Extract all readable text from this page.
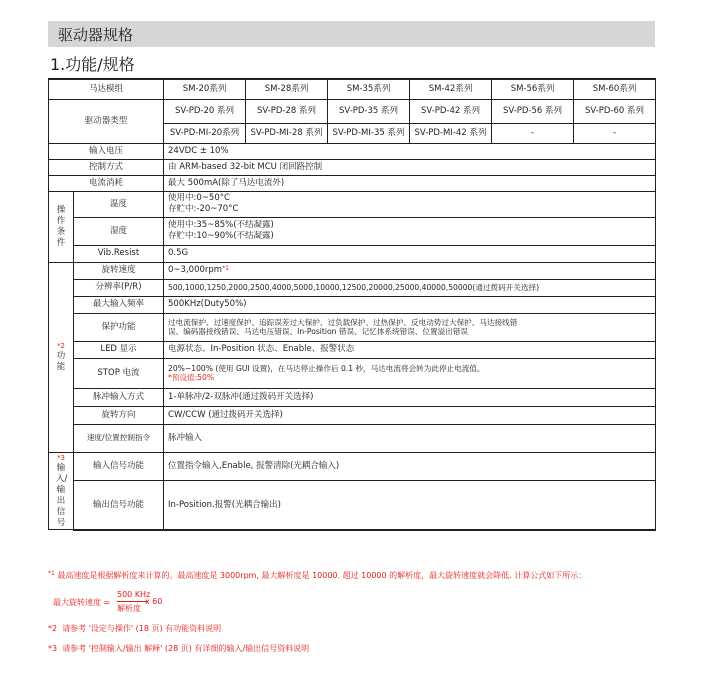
驱动器规格
1.功能/规格
马达模组		SM-20系列	SM-28系列	SM-35系列	SM-42系列	SM-56系列	SM-60系列
驱动器类型		SV-PD-20 系列	SV-PD-28 系列	SV-PD-35 系列	SV-PD-42 系列	SV-PD-56 系列	SV-PD-60 系列
		SV-PD-MI-20系列	SV-PD-MI-28 系列	SV-PD-MI-35 系列	SV-PD-MI-42 系列	-	-
输入电压		24VDC ± 10%					
控制方式		由 ARM-based 32-bit MCU 闭回路控制					
电流消耗		最大 500mA(除了马达电流外)					
操作条件	温度	使用中:0~50°C
存贮中:-20~70°C					

	湿度	使用中:35~85%(不结凝露)
存贮中:10~90%(不结凝露)					

	Vib.Resist	0.5G					
*2
功能	旋转速度	0~3,000rpm$^{*1}$
	分辨率(P/R)	500,1000,1250,2000,2500,4000,5000,10000,12500,20000,25000,40000,50000(通过拨码开关选择)					
	最大输入频率	500KHz(Duty50%)					
	保护功能	过电流保护、过速度保护、追踪误差过大保护、过负载保护、过热保护、反电动势过大保护、马达接线错
误、编码器接线错误、马达电压错误、In-Position 错误、记忆体系统错误、位置溢出错误					

	LED 显示	电源状态、In-Position 状态、Enable、报警状态					
	STOP 电流	20%~100% (使用 GUI 设置)，在马达停止操作后 0.1 秒，马达电流将会转为此停止电流值。
*预设值:50%					

	脉冲输入方式	1-单脉冲/2-双脉冲(通过拨码开关选择)					
	旋转方向	CW/CCW (通过拨码开关选择)					
	速度/位置控制指令	脉冲输入					
*3
输入/输出信号	输入信号功能	位置指令输入,Enable, 报警清除(光耦合输入)					
	输出信号功能	In-Position.报警(光耦合输出)					
$^{*1}$ 最高速度是根据解析度来计算的。最高速度是 3000rpm, 最大解析度是 10000. 超过 10000 的解析度，最大旋转速度就会降低. 计算公式如下所示：
最大旋转速度 =
500 KHz
解析度
x 60
*2 请参考 '设定与操作' (18 页) 有功能资料说明
*3 请参考 '控制输入/输出 解释' (28 页) 有详细的输入/输出信号资料说明
